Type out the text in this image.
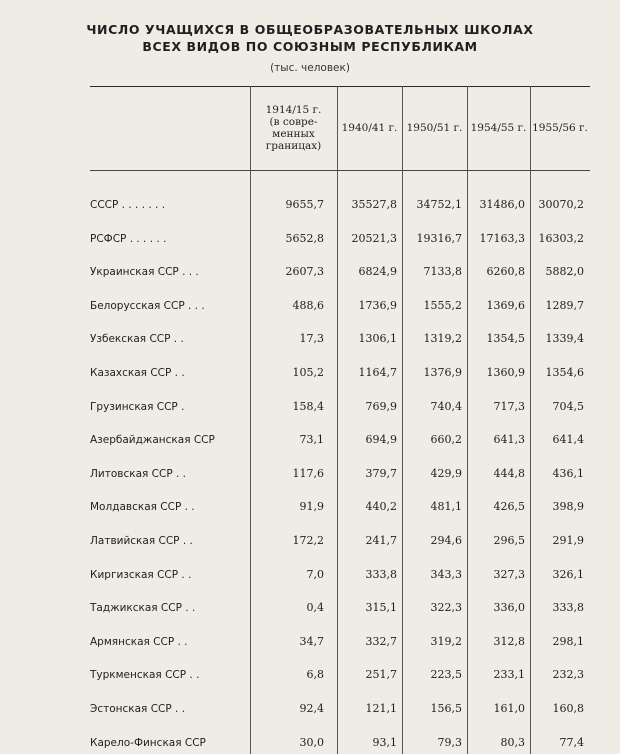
ЧИСЛО УЧАЩИХСЯ В ОБЩЕОБРАЗОВАТЕЛЬНЫХ ШКОЛАХ
ВСЕХ ВИДОВ ПО СОЮЗНЫМ РЕСПУБЛИКАМ
(тыс. человек)
1914/15 г.
(в совре-
менных
границах)
1940/41 г. 1950/51 г. 1954/55 г. 1955/56 г.
СССР . . . . . . .	9655,7	35527,8	34752,1	31486,0	30070,2
РСФСР . . . . . .	5652,8	20521,3	19316,7	17163,3	16303,2
Украинская ССР . . .	2607,3	6824,9	7133,8	6260,8	5882,0
Белорусская ССР . . .	488,6	1736,9	1555,2	1369,6	1289,7
Узбекская ССР . .	17,3	1306,1	1319,2	1354,5	1339,4
Казахская ССР . .	105,2	1164,7	1376,9	1360,9	1354,6
Грузинская ССР .	158,4	769,9	740,4	717,3	704,5
Азербайджанская ССР	73,1	694,9	660,2	641,3	641,4
Литовская ССР . .	117,6	379,7	429,9	444,8	436,1
Молдавская ССР . .	91,9	440,2	481,1	426,5	398,9
Латвийская ССР . .	172,2	241,7	294,6	296,5	291,9
Киргизская ССР . .	7,0	333,8	343,3	327,3	326,1
Таджикская ССР . .	0,4	315,1	322,3	336,0	333,8
Армянская ССР . .	34,7	332,7	319,2	312,8	298,1
Туркменская ССР . .	6,8	251,7	223,5	233,1	232,3
Эстонская ССР . .	92,4	121,1	156,5	161,0	160,8
Карело-Финская ССР	30,0	93,1	79,3	80,3	77,4
